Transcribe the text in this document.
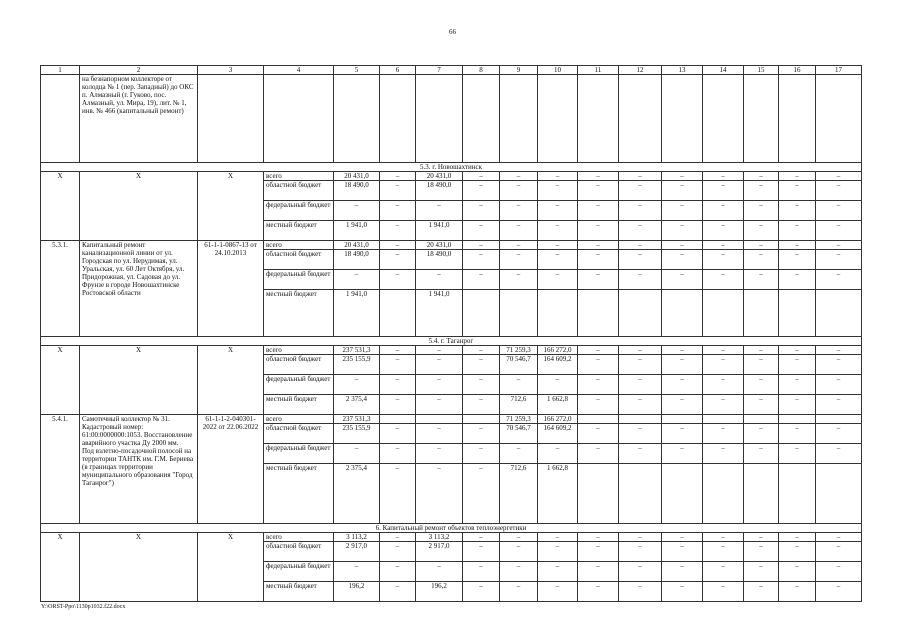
66
1	2	3	4	5	6	7	8	9	10	11	12	13	14	15	16	17
	на безнапорном коллекторе от колодца № 1 (пер. Западный) до ОКС п. Алмазный (г. Гуково, пос. Алмазный, ул. Мира, 19), лит. № 1, инв. № 466 (капитальный ремонт)															
5.3. г. Новошахтинск																
X	X	X	всего	20 431,0	–	20 431,0	–	–	–	–	–	–	–	–	–	–
			областной бюджет	18 490,0	–	18 490,0	–	–	–	–	–	–	–	–	–	–
			федеральный бюджет	–	–	–	–	–	–	–	–	–	–	–	–	–
			местный бюджет	1 941,0	–	1 941,0	–	–	–	–	–	–	–	–	–	–
5.3.1.	Капитальный ремонт канализационной линии от ул. Городская по ул. Нерудимая, ул. Уральская, ул. 60 Лет Октября, ул. Придорожная, ул. Садовая до ул. Фрунзе в городе Новошахтинске Ростовской области	61-1-1-0867-13 от 24.10.2013	всего	20 431,0	–	20 431,0	–	–	–	–	–	–	–	–	–	–
			областной бюджет	18 490,0	–	18 490,0	–	–	–	–	–	–	–	–	–	–
			федеральный бюджет	–	–	–	–	–	–	–	–	–	–	–	–	–
			местный бюджет	1 941,0		1 941,0										
5.4. г. Таганрог																
X	X	X	всего	237 531,3	–	–	–	71 259,3	166 272,0	–	–	–	–	–	–	–
			областной бюджет	235 155,9	–	–	–	70 546,7	164 609,2	–	–	–	–	–	–	–
			федеральный бюджет	–	–	–	–	–	–	–	–	–	–	–	–	–
			местный бюджет	2 375,4	–	–	–	712,6	1 662,8	–	–	–	–	–	–	–
5.4.1.	Самотечный коллектор № 31. Кадастровый номер: 61:00:0000000:1053. Восстановление аварийного участка Ду 2000 мм.
Под взлетно-посадочной полосой на территории ТАНТК им. Г.М. Бериева (в границах территории муниципального образования "Город Таганрог")	61-1-1-2-040301-2022 от 22.06.2022	всего	237 531,3				71 259,3	166 272,0							
			областной бюджет	235 155,9	–	–	–	70 546,7	164 609,2	–	–	–	–	–	–	–
			федеральный бюджет	–	–	–	–	–	–	–	–	–	–	–	–	–
			местный бюджет	2 375,4	–	–	–	712,6	1 662,8							
6. Капитальный ремонт объектов теплоэнергетики																
X	X	X	всего	3 113,2	–	3 113,2	–	–	–	–	–	–	–	–	–	–
			областной бюджет	2 917,0	–	2 917,0	–	–	–	–	–	–	–	–	–	–
			федеральный бюджет	–	–	–	–	–	–	–	–	–	–	–	–	–
			местный бюджет	196,2	–	196,2	–	–	–	–	–	–	–	–	–	–
Y:\ORST-Ppo\1130p1032.f22.docx
